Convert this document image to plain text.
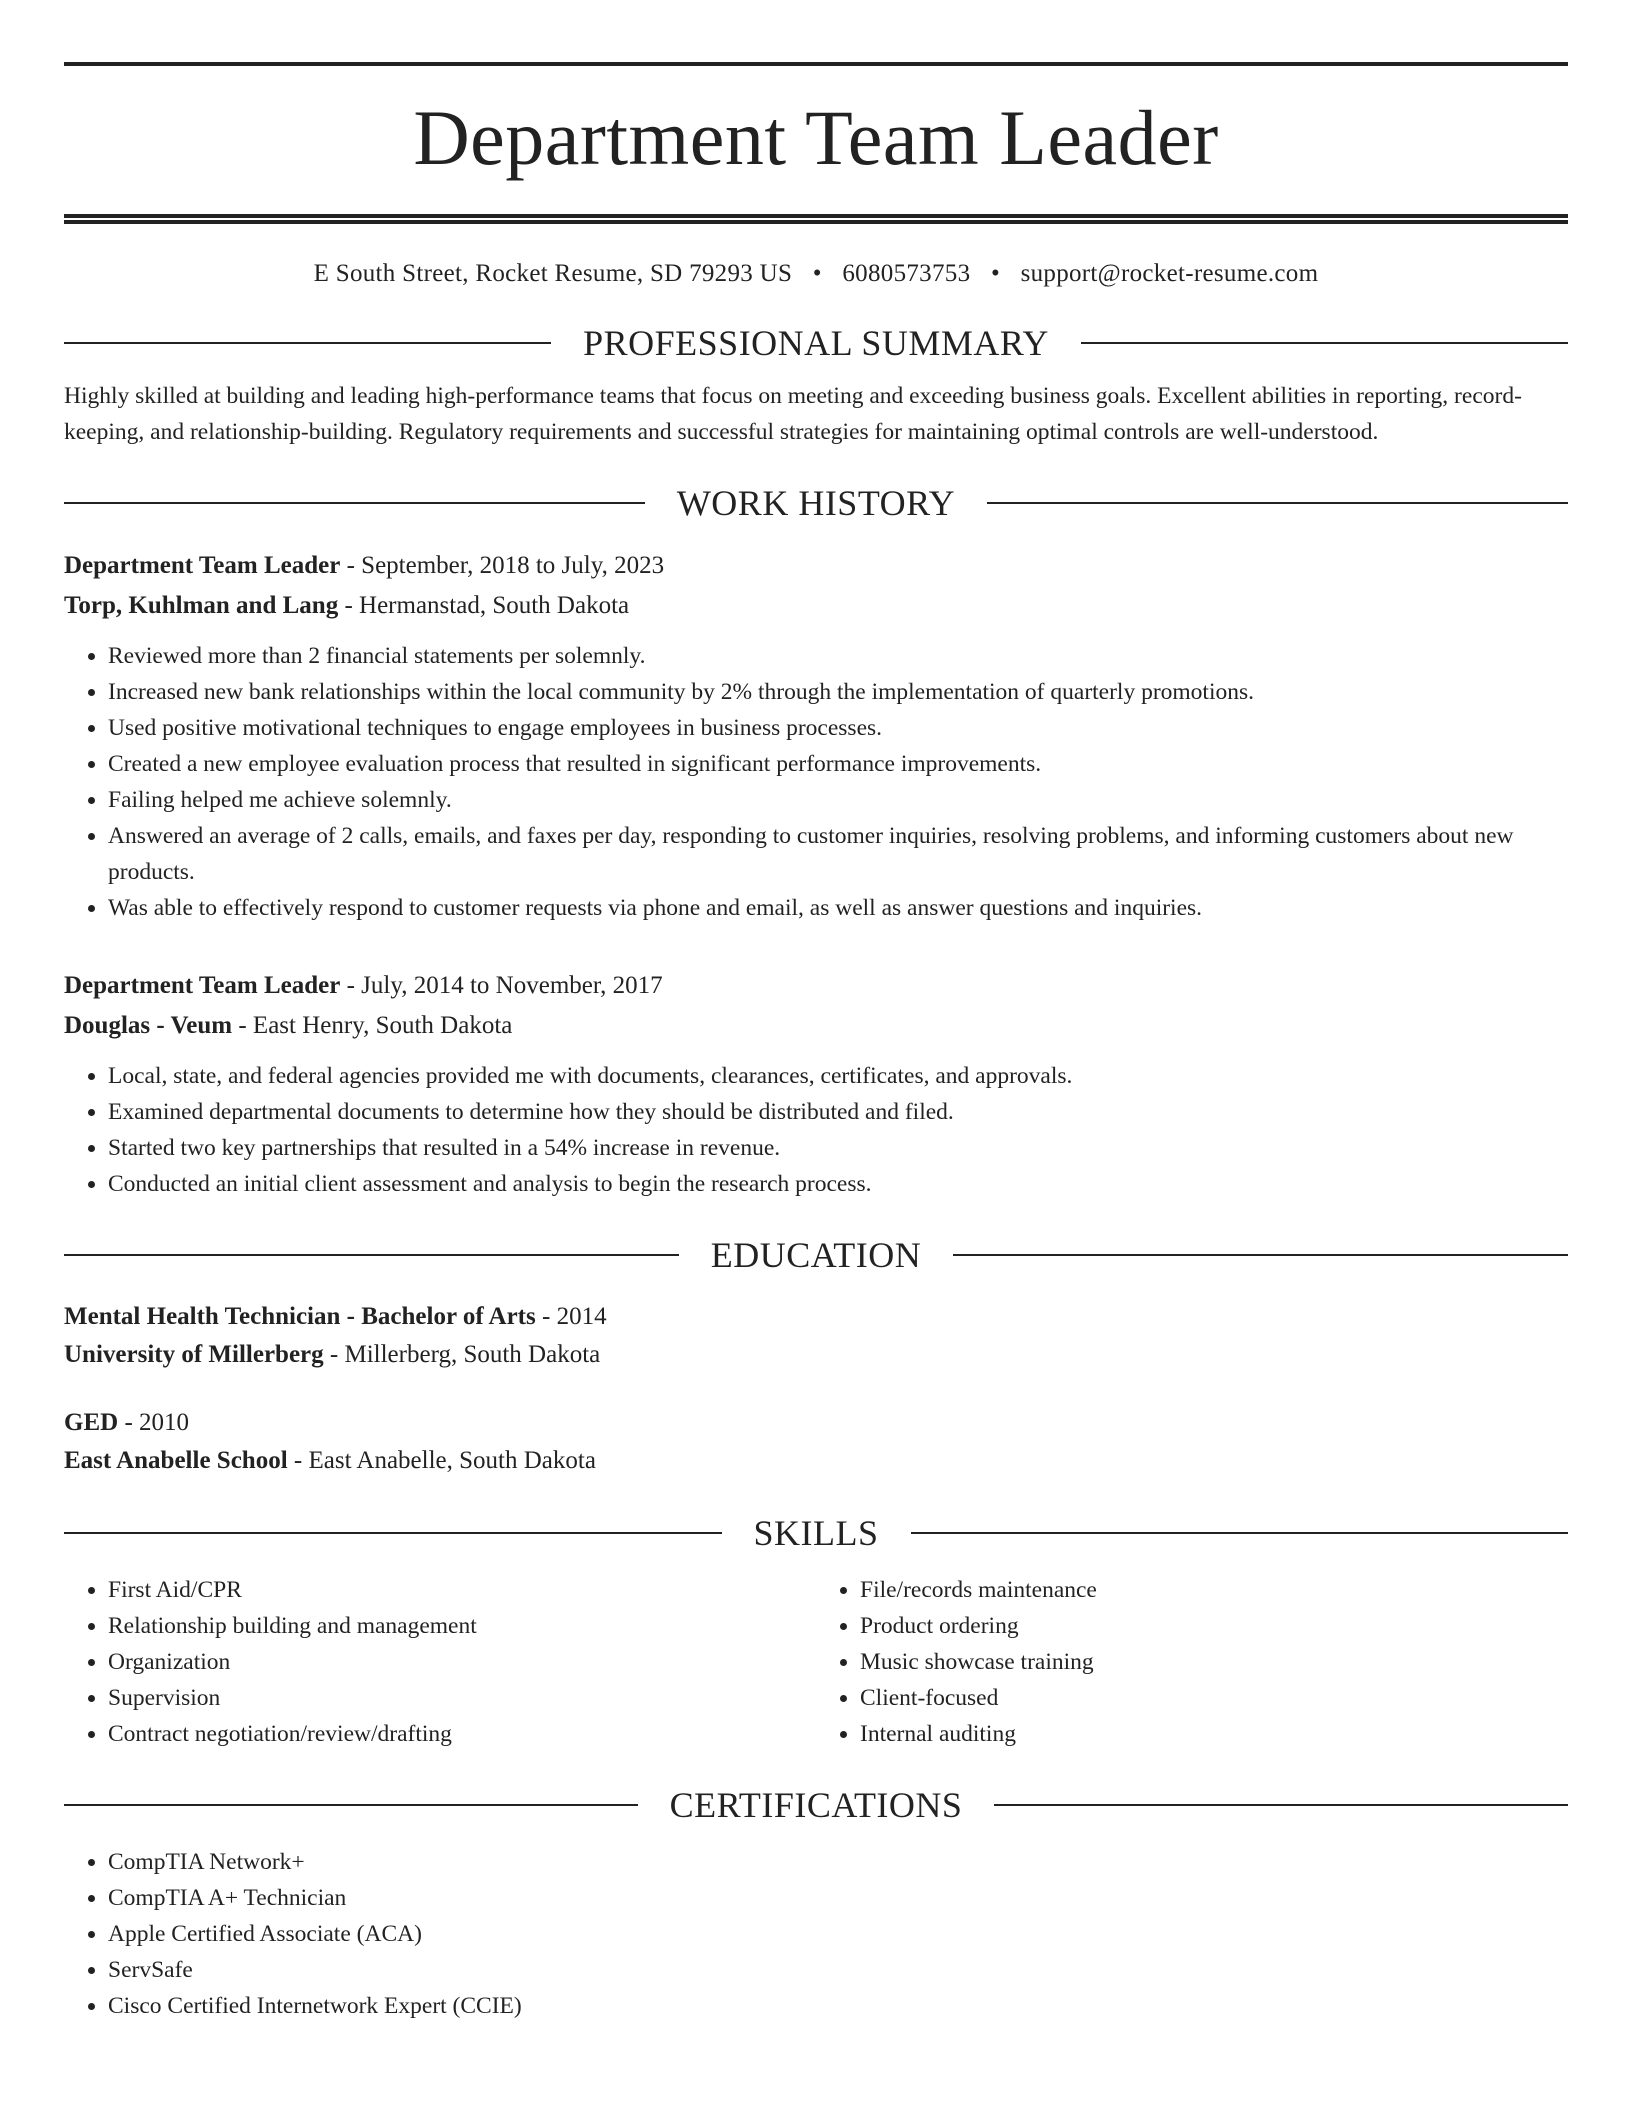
Department Team Leader
E South Street, Rocket Resume, SD 79293 US • 6080573753 • support@rocket-resume.com
PROFESSIONAL SUMMARY
Highly skilled at building and leading high-performance teams that focus on meeting and exceeding business goals. Excellent abilities in reporting, record-keeping, and relationship-building. Regulatory requirements and successful strategies for maintaining optimal controls are well-understood.
WORK HISTORY
Department Team Leader - September, 2018 to July, 2023
Torp, Kuhlman and Lang - Hermanstad, South Dakota
• Reviewed more than 2 financial statements per solemnly.
• Increased new bank relationships within the local community by 2% through the implementation of quarterly promotions.
• Used positive motivational techniques to engage employees in business processes.
• Created a new employee evaluation process that resulted in significant performance improvements.
• Failing helped me achieve solemnly.
• Answered an average of 2 calls, emails, and faxes per day, responding to customer inquiries, resolving problems, and informing customers about new products.
• Was able to effectively respond to customer requests via phone and email, as well as answer questions and inquiries.
Department Team Leader - July, 2014 to November, 2017
Douglas - Veum - East Henry, South Dakota
• Local, state, and federal agencies provided me with documents, clearances, certificates, and approvals.
• Examined departmental documents to determine how they should be distributed and filed.
• Started two key partnerships that resulted in a 54% increase in revenue.
• Conducted an initial client assessment and analysis to begin the research process.
EDUCATION
Mental Health Technician - Bachelor of Arts - 2014
University of Millerberg - Millerberg, South Dakota
GED - 2010
East Anabelle School - East Anabelle, South Dakota
SKILLS
• First Aid/CPR
• Relationship building and management
• Organization
• Supervision
• Contract negotiation/review/drafting
• File/records maintenance
• Product ordering
• Music showcase training
• Client-focused
• Internal auditing
CERTIFICATIONS
• CompTIA Network+
• CompTIA A+ Technician
• Apple Certified Associate (ACA)
• ServSafe
• Cisco Certified Internetwork Expert (CCIE)
